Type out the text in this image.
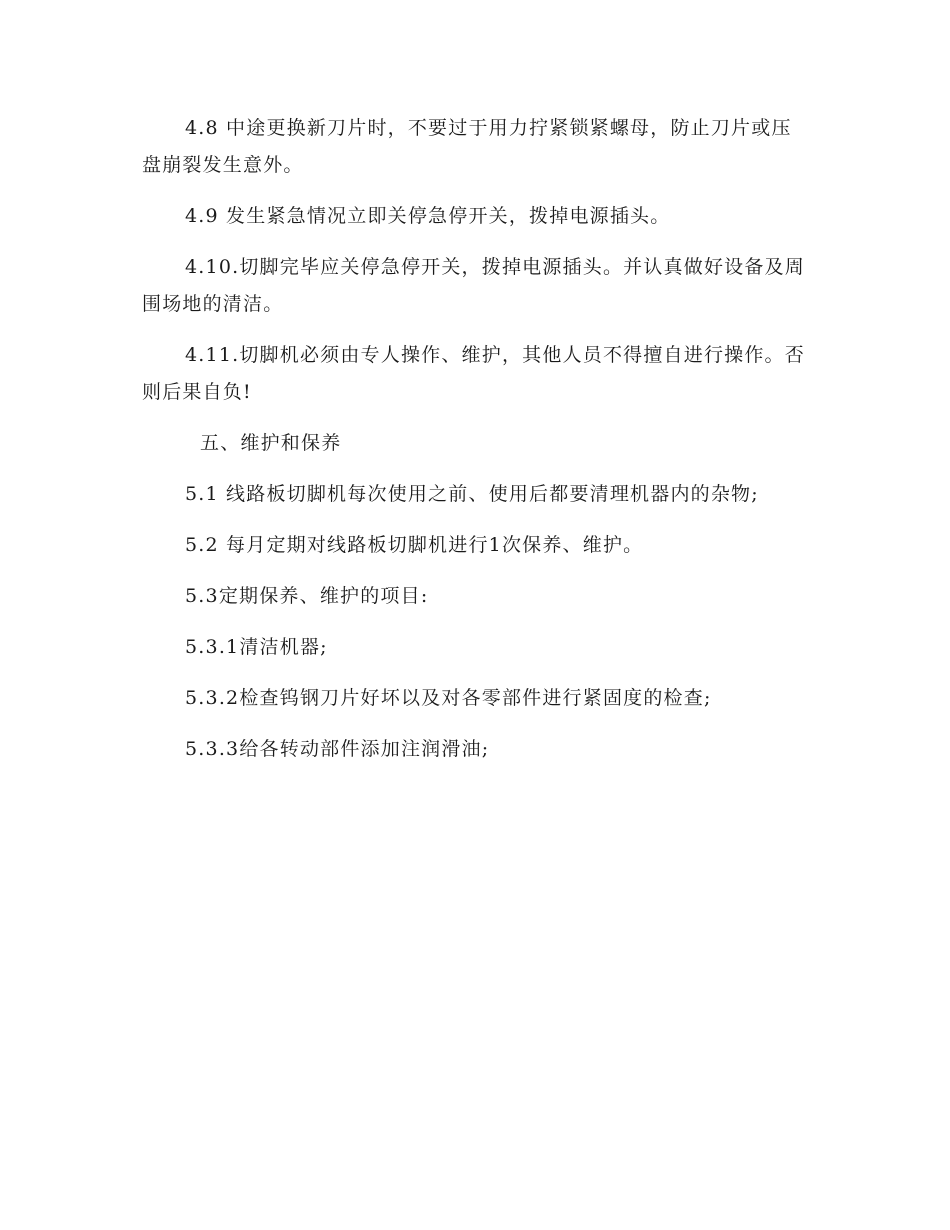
4.8 中途更换新刀片时，不要过于用力拧紧锁紧螺母，防止刀片或压盘崩裂发生意外。

4.9 发生紧急情况立即关停急停开关，拨掉电源插头。

4.10.切脚完毕应关停急停开关，拨掉电源插头。并认真做好设备及周围场地的清洁。

4.11.切脚机必须由专人操作、维护，其他人员不得擅自进行操作。否则后果自负!

五、维护和保养

5.1 线路板切脚机每次使用之前、使用后都要清理机器内的杂物;

5.2 每月定期对线路板切脚机进行1次保养、维护。

5.3定期保养、维护的项目:

5.3.1清洁机器;

5.3.2检查钨钢刀片好坏以及对各零部件进行紧固度的检查;

5.3.3给各转动部件添加注润滑油;
